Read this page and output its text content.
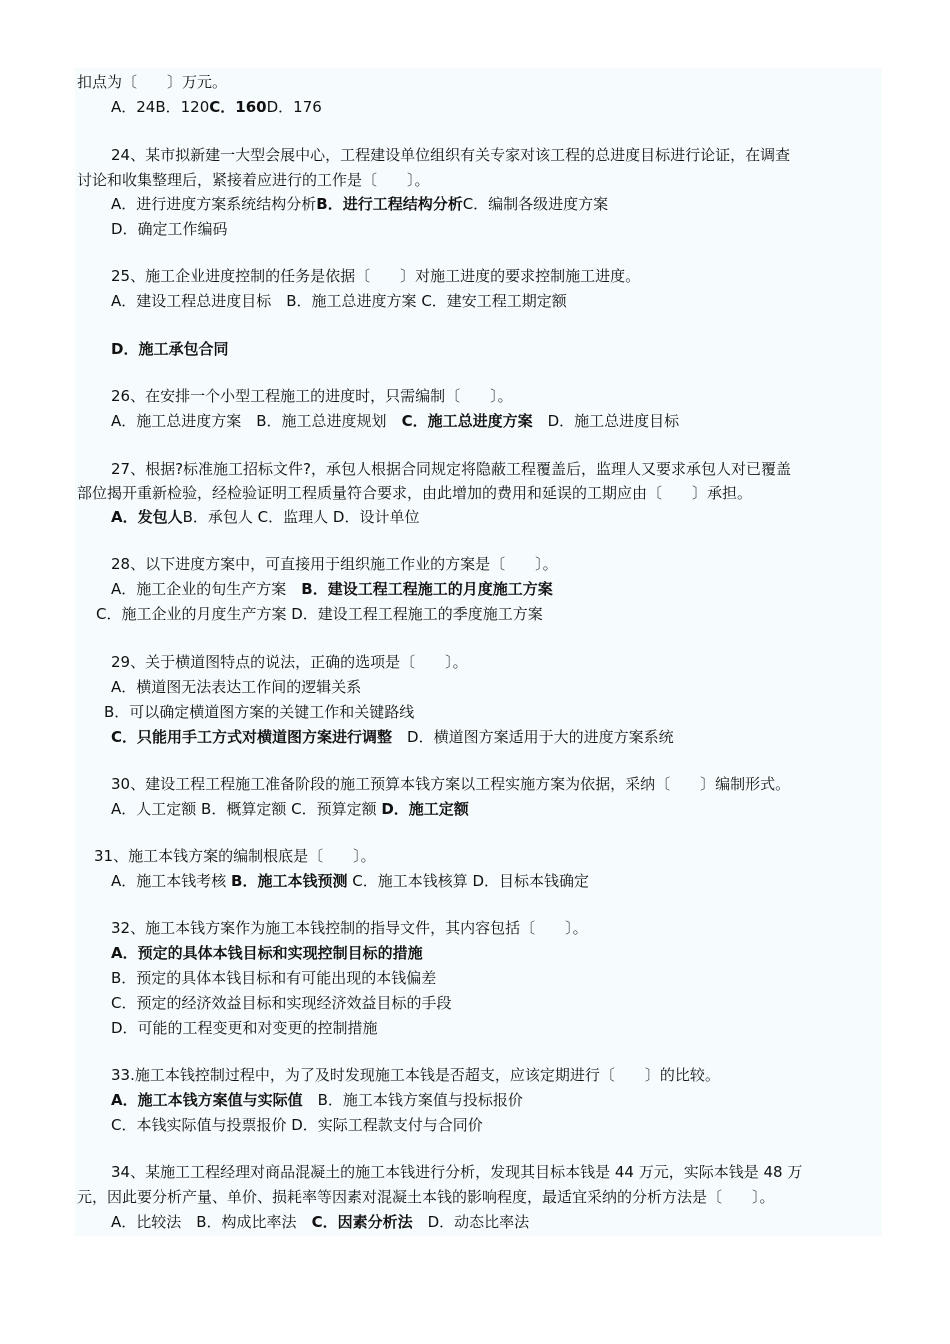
扣点为〔　　〕万元。

A．24B．120C．160D．176

24、某市拟新建一大型会展中心，工程建设单位组织有关专家对该工程的总进度目标进行论证，在调查

讨论和收集整理后，紧接着应进行的工作是〔　　〕。

A．进行进度方案系统结构分析B．进行工程结构分析C．编制各级进度方案

D．确定工作编码

25、施工企业进度控制的任务是依据〔　　〕对施工进度的要求控制施工进度。

A．建设工程总进度目标　B．施工总进度方案 C．建安工程工期定额

D．施工承包合同

26、在安排一个小型工程施工的进度时，只需编制〔　　〕。

A．施工总进度方案　B．施工总进度规划　C．施工总进度方案　D．施工总进度目标

27、根据?标准施工招标文件?，承包人根据合同规定将隐蔽工程覆盖后，监理人又要求承包人对已覆盖

部位揭开重新检验，经检验证明工程质量符合要求，由此增加的费用和延误的工期应由〔　　〕承担。

A．发包人B．承包人 C．监理人 D．设计单位

28、以下进度方案中，可直接用于组织施工作业的方案是〔　　〕。

A．施工企业的旬生产方案　B．建设工程工程施工的月度施工方案

C．施工企业的月度生产方案 D．建设工程工程施工的季度施工方案

29、关于横道图特点的说法，正确的选项是〔　　〕。

A．横道图无法表达工作间的逻辑关系

B．可以确定横道图方案的关键工作和关键路线

C．只能用手工方式对横道图方案进行调整　D．横道图方案适用于大的进度方案系统

30、建设工程工程施工准备阶段的施工预算本钱方案以工程实施方案为依据，采纳〔　　〕编制形式。

A．人工定额 B．概算定额 C．预算定额 D．施工定额

31、施工本钱方案的编制根底是〔　　〕。

A．施工本钱考核 B．施工本钱预测 C．施工本钱核算 D．目标本钱确定

32、施工本钱方案作为施工本钱控制的指导文件，其内容包括〔　　〕。

A．预定的具体本钱目标和实现控制目标的措施

B．预定的具体本钱目标和有可能出现的本钱偏差

C．预定的经济效益目标和实现经济效益目标的手段

D．可能的工程变更和对变更的控制措施

33.施工本钱控制过程中，为了及时发现施工本钱是否超支，应该定期进行〔　　〕的比较。

A．施工本钱方案值与实际值　B．施工本钱方案值与投标报价

C．本钱实际值与投票报价 D．实际工程款支付与合同价

34、某施工工程经理对商品混凝土的施工本钱进行分析，发现其目标本钱是 44 万元，实际本钱是 48 万

元，因此要分析产量、单价、损耗率等因素对混凝土本钱的影响程度，最适宜采纳的分析方法是〔　　〕。

A．比较法　B．构成比率法　C．因素分析法　D．动态比率法
